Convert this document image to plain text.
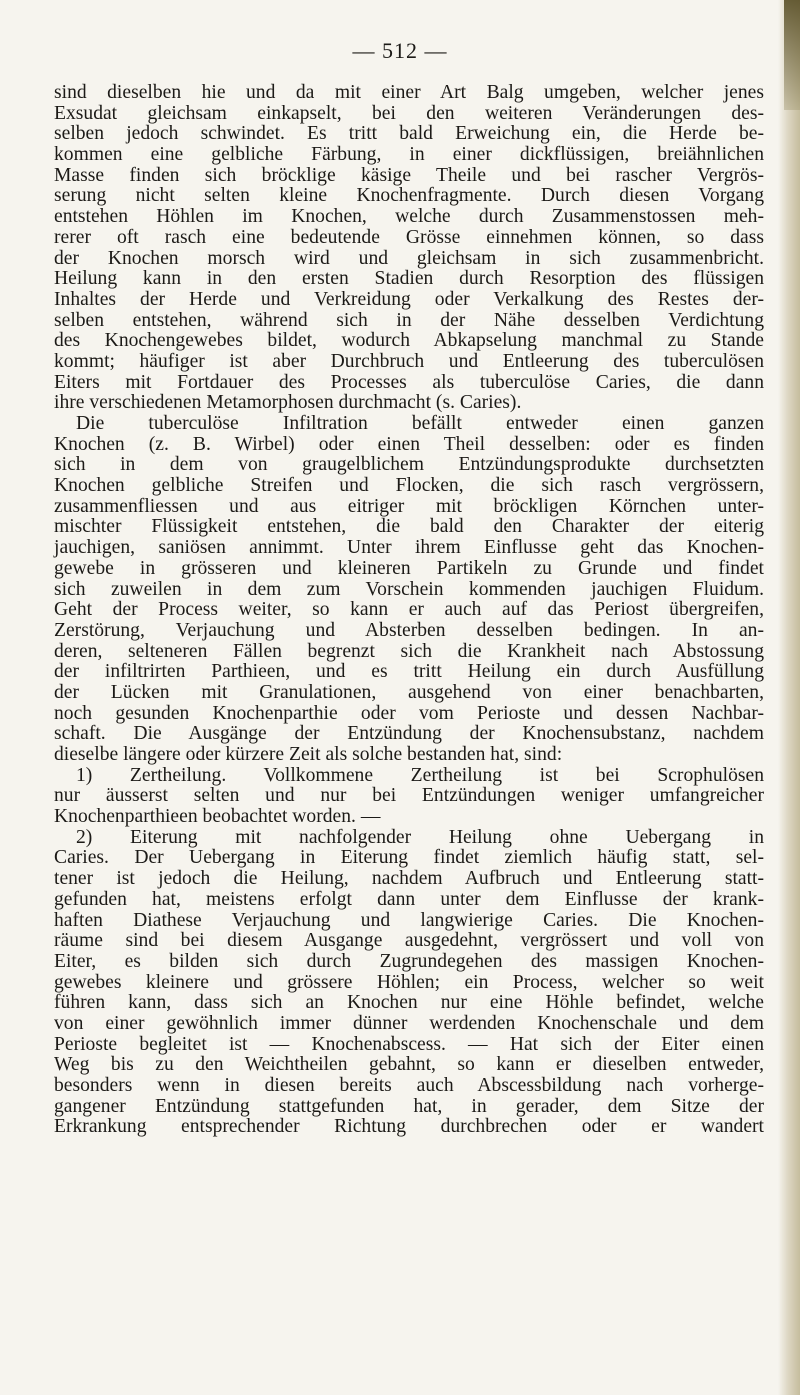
— 512 —
sind dieselben hie und da mit einer Art Balg umgeben, welcher jenes
Exsudat gleichsam einkapselt, bei den weiteren Veränderungen des-
selben jedoch schwindet. Es tritt bald Erweichung ein, die Herde be-
kommen eine gelbliche Färbung, in einer dickflüssigen, breiähnlichen
Masse finden sich bröcklige käsige Theile und bei rascher Vergrös-
serung nicht selten kleine Knochenfragmente. Durch diesen Vorgang
entstehen Höhlen im Knochen, welche durch Zusammenstossen meh-
rerer oft rasch eine bedeutende Grösse einnehmen können, so dass
der Knochen morsch wird und gleichsam in sich zusammenbricht.
Heilung kann in den ersten Stadien durch Resorption des flüssigen
Inhaltes der Herde und Verkreidung oder Verkalkung des Restes der-
selben entstehen, während sich in der Nähe desselben Verdichtung
des Knochengewebes bildet, wodurch Abkapselung manchmal zu Stande
kommt; häufiger ist aber Durchbruch und Entleerung des tuberculösen
Eiters mit Fortdauer des Processes als tuberculöse Caries, die dann
ihre verschiedenen Metamorphosen durchmacht (s. Caries).
Die tuberculöse Infiltration befällt entweder einen ganzen
Knochen (z. B. Wirbel) oder einen Theil desselben: oder es finden
sich in dem von graugelblichem Entzündungsprodukte durchsetzten
Knochen gelbliche Streifen und Flocken, die sich rasch vergrössern,
zusammenfliessen und aus eitriger mit bröckligen Körnchen unter-
mischter Flüssigkeit entstehen, die bald den Charakter der eiterig
jauchigen, saniösen annimmt. Unter ihrem Einflusse geht das Knochen-
gewebe in grösseren und kleineren Partikeln zu Grunde und findet
sich zuweilen in dem zum Vorschein kommenden jauchigen Fluidum.
Geht der Process weiter, so kann er auch auf das Periost übergreifen,
Zerstörung, Verjauchung und Absterben desselben bedingen. In an-
deren, selteneren Fällen begrenzt sich die Krankheit nach Abstossung
der infiltrirten Parthieen, und es tritt Heilung ein durch Ausfüllung
der Lücken mit Granulationen, ausgehend von einer benachbarten,
noch gesunden Knochenparthie oder vom Perioste und dessen Nachbar-
schaft. Die Ausgänge der Entzündung der Knochensubstanz, nachdem
dieselbe längere oder kürzere Zeit als solche bestanden hat, sind:
1) Zertheilung. Vollkommene Zertheilung ist bei Scrophulösen
nur äusserst selten und nur bei Entzündungen weniger umfangreicher
Knochenparthieen beobachtet worden. —
2) Eiterung mit nachfolgender Heilung ohne Uebergang in
Caries. Der Uebergang in Eiterung findet ziemlich häufig statt, sel-
tener ist jedoch die Heilung, nachdem Aufbruch und Entleerung statt-
gefunden hat, meistens erfolgt dann unter dem Einflusse der krank-
haften Diathese Verjauchung und langwierige Caries. Die Knochen-
räume sind bei diesem Ausgange ausgedehnt, vergrössert und voll von
Eiter, es bilden sich durch Zugrundegehen des massigen Knochen-
gewebes kleinere und grössere Höhlen; ein Process, welcher so weit
führen kann, dass sich an Knochen nur eine Höhle befindet, welche
von einer gewöhnlich immer dünner werdenden Knochenschale und dem
Perioste begleitet ist — Knochenabscess. — Hat sich der Eiter einen
Weg bis zu den Weichtheilen gebahnt, so kann er dieselben entweder,
besonders wenn in diesen bereits auch Abscessbildung nach vorherge-
gangener Entzündung stattgefunden hat, in gerader, dem Sitze der
Erkrankung entsprechender Richtung durchbrechen oder er wandert
